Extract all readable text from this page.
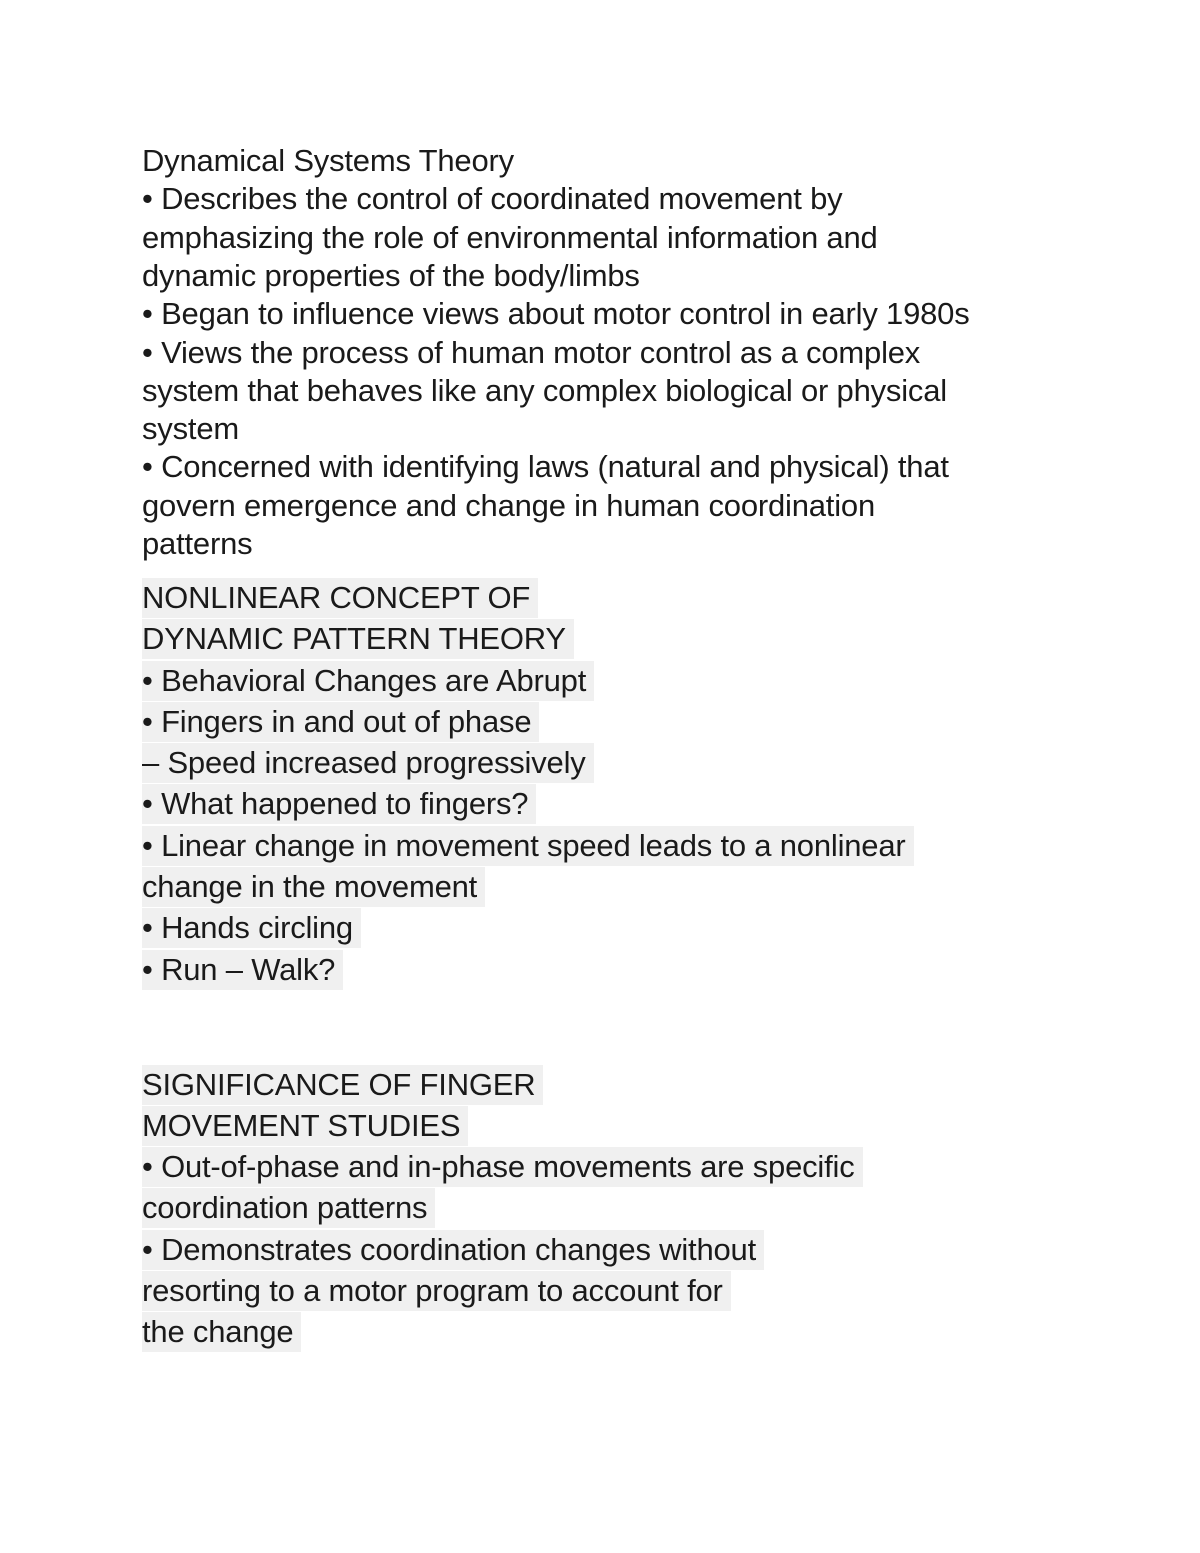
Dynamical Systems Theory
• Describes the control of coordinated movement by
emphasizing the role of environmental information and
dynamic properties of the body/limbs
• Began to influence views about motor control in early 1980s
• Views the process of human motor control as a complex
system that behaves like any complex biological or physical
system
• Concerned with identifying laws (natural and physical) that
govern emergence and change in human coordination
patterns
NONLINEAR CONCEPT OF
DYNAMIC PATTERN THEORY
• Behavioral Changes are Abrupt
• Fingers in and out of phase
– Speed increased progressively
• What happened to fingers?
• Linear change in movement speed leads to a nonlinear
change in the movement
• Hands circling
• Run – Walk?
SIGNIFICANCE OF FINGER
MOVEMENT STUDIES
• Out-of-phase and in-phase movements are specific
coordination patterns
• Demonstrates coordination changes without
resorting to a motor program to account for
the change
